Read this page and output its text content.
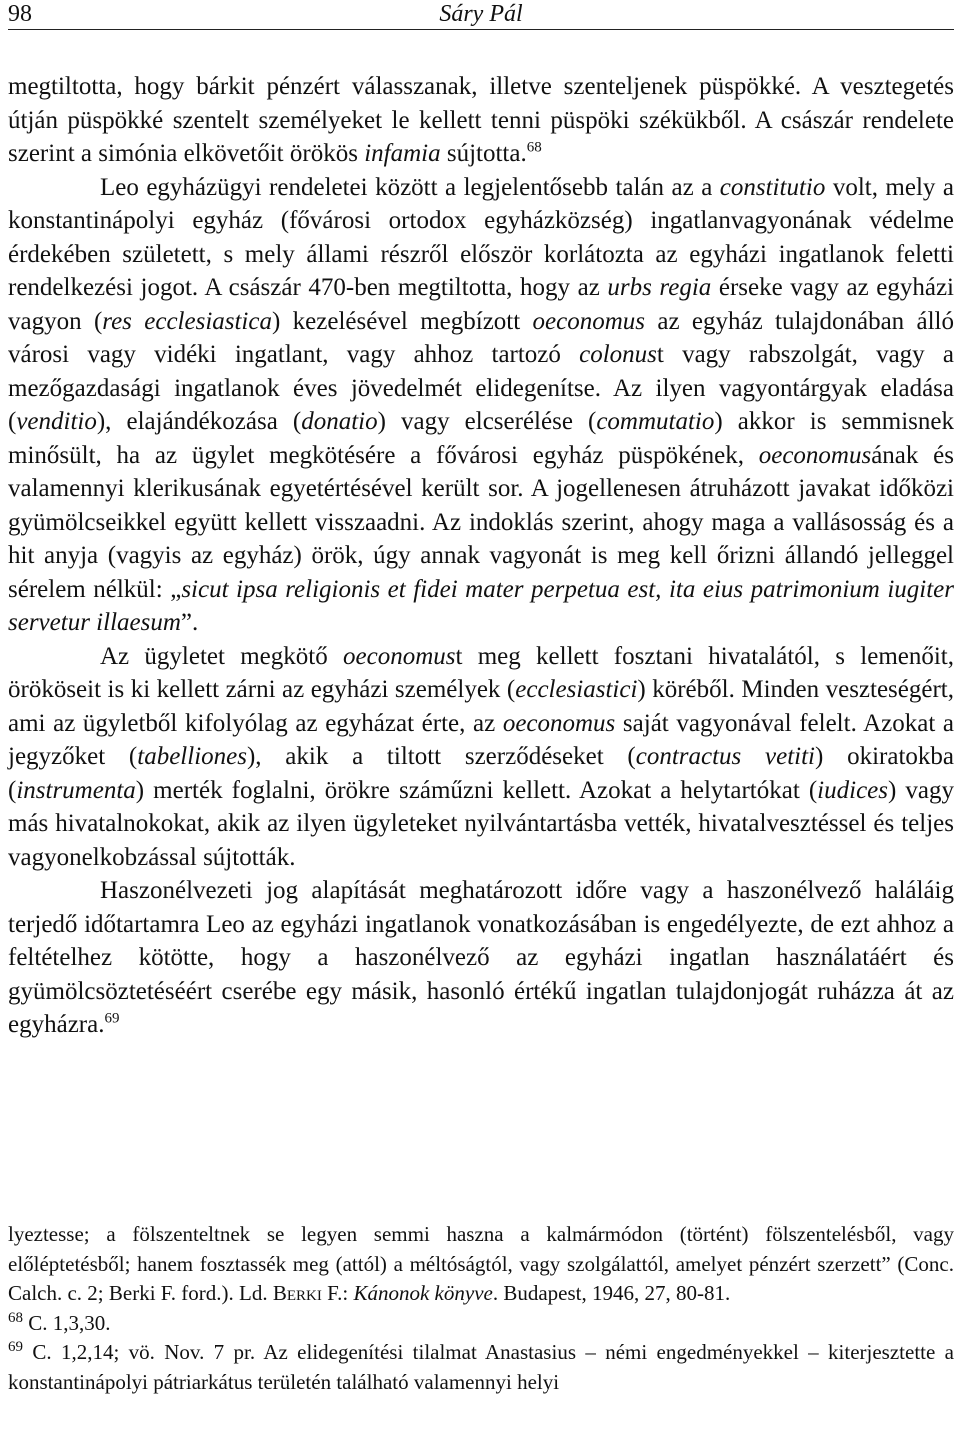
98	Sáry Pál

megtiltotta, hogy bárkit pénzért válasszanak, illetve szenteljenek püspökké. A vesztegetés útján püspökké szentelt személyeket le kellett tenni püspöki székükből. A császár rendelete szerint a simónia elkövetőit örökös infamia sújtotta.$^{68}$

Leo egyházügyi rendeletei között a legjelentősebb talán az a constitutio volt, mely a konstantinápolyi egyház (fővárosi ortodox egyházközség) ingatlanvagyonának védelme érdekében született, s mely állami részről először korlátozta az egyházi ingatlanok feletti rendelkezési jogot. A császár 470-ben megtiltotta, hogy az urbs regia érseke vagy az egyházi vagyon (res ecclesiastica) kezelésével megbízott oeconomus az egyház tulajdonában álló városi vagy vidéki ingatlant, vagy ahhoz tartozó colonust vagy rabszolgát, vagy a mezőgazdasági ingatlanok éves jövedelmét elidegenítse. Az ilyen vagyontárgyak eladása (venditio), elajándékozása (donatio) vagy elcserélése (commutatio) akkor is semmisnek minősült, ha az ügylet megkötésére a fővárosi egyház püspökének, oeconomusának és valamennyi klerikusának egyetértésével került sor. A jogellenesen átruházott javakat időközi gyümölcseikkel együtt kellett visszaadni. Az indoklás szerint, ahogy maga a vallásosság és a hit anyja (vagyis az egyház) örök, úgy annak vagyonát is meg kell őrizni állandó jelleggel sérelem nélkül: „sicut ipsa religionis et fidei mater perpetua est, ita eius patrimonium iugiter servetur illaesum”.

Az ügyletet megkötő oeconomust meg kellett fosztani hivatalától, s lemenőit, örököseit is ki kellett zárni az egyházi személyek (ecclesiastici) köréből. Minden veszteségért, ami az ügyletből kifolyólag az egyházat érte, az oeconomus saját vagyonával felelt. Azokat a jegyzőket (tabelliones), akik a tiltott szerződéseket (contractus vetiti) okiratokba (instrumenta) merték foglalni, örökre száműzni kellett. Azokat a helytartókat (iudices) vagy más hivatalnokokat, akik az ilyen ügyleteket nyilvántartásba vették, hivatalvesztéssel és teljes vagyonelkobzással sújtották.

Haszonélvezeti jog alapítását meghatározott időre vagy a haszonélvező haláláig terjedő időtartamra Leo az egyházi ingatlanok vonatkozásában is engedélyezte, de ezt ahhoz a feltételhez kötötte, hogy a haszonélvező az egyházi ingatlan használatáért és gyümölcsöztetéséért cserébe egy másik, hasonló értékű ingatlan tulajdonjogát ruházza át az egyházra.$^{69}$

lyeztesse; a fölszenteltnek se legyen semmi haszna a kalmármódon (történt) fölszentelésből, vagy előléptetésből; hanem fosztassék meg (attól) a méltóságtól, vagy szolgálattól, amelyet pénzért szerzett” (Conc. Calch. c. 2; Berki F. ford.). Ld. Berki F.: Kánonok könyve. Budapest, 1946, 27, 80-81.

$^{68}$ C. 1,3,30.

$^{69}$ C. 1,2,14; vö. Nov. 7 pr. Az elidegenítési tilalmat Anastasius – némi engedményekkel – kiterjesztette a konstantinápolyi pátriarkátus területén található valamennyi helyi
